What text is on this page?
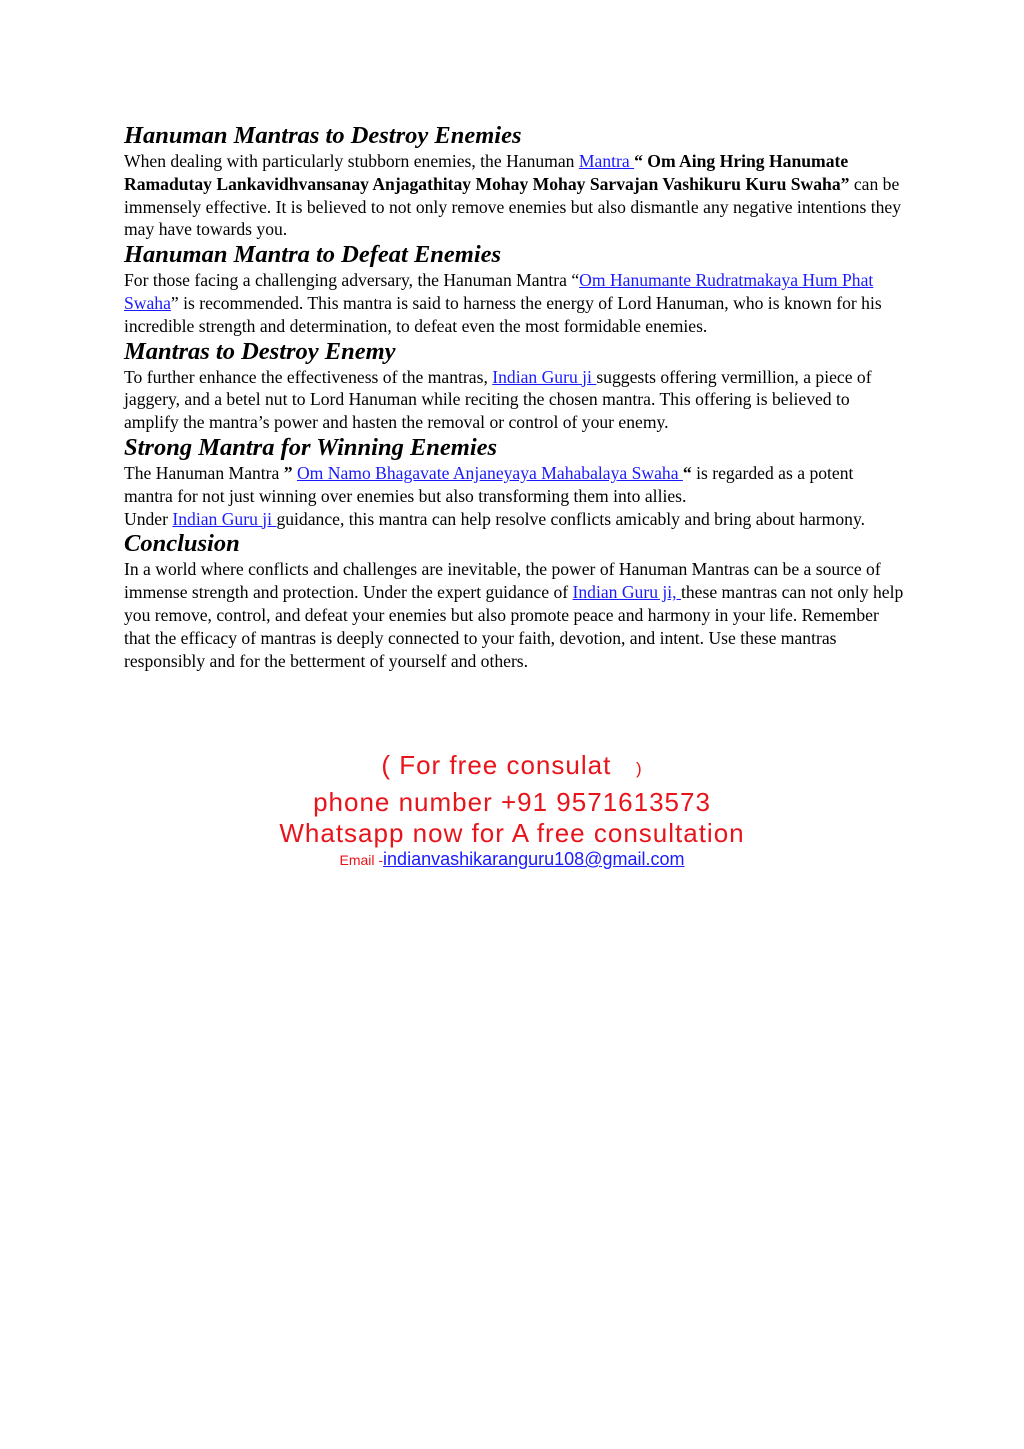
Hanuman Mantras to Destroy Enemies

When dealing with particularly stubborn enemies, the Hanuman Mantra “ Om Aing Hring Hanumate Ramadutay Lankavidhvansanay Anjagathitay Mohay Mohay Sarvajan Vashikuru Kuru Swaha” can be immensely effective. It is believed to not only remove enemies but also dismantle any negative intentions they may have towards you.

Hanuman Mantra to Defeat Enemies

For those facing a challenging adversary, the Hanuman Mantra “Om Hanumante Rudratmakaya Hum Phat Swaha” is recommended. This mantra is said to harness the energy of Lord Hanuman, who is known for his incredible strength and determination, to defeat even the most formidable enemies.

Mantras to Destroy Enemy

To further enhance the effectiveness of the mantras, Indian Guru ji suggests offering vermillion, a piece of jaggery, and a betel nut to Lord Hanuman while reciting the chosen mantra. This offering is believed to amplify the mantra’s power and hasten the removal or control of your enemy.

Strong Mantra for Winning Enemies

The Hanuman Mantra ” Om Namo Bhagavate Anjaneyaya Mahabalaya Swaha “ is regarded as a potent mantra for not just winning over enemies but also transforming them into allies.

Under Indian Guru ji guidance, this mantra can help resolve conflicts amicably and bring about harmony.

Conclusion

In a world where conflicts and challenges are inevitable, the power of Hanuman Mantras can be a source of immense strength and protection. Under the expert guidance of Indian Guru ji, these mantras can not only help you remove, control, and defeat your enemies but also promote peace and harmony in your life. Remember that the efficacy of mantras is deeply connected to your faith, devotion, and intent. Use these mantras responsibly and for the betterment of yourself and others.

( For free consulat )
phone number +91 9571613573
Whatsapp now for A free consultation
Email -indianvashikaranguru108@gmail.com
